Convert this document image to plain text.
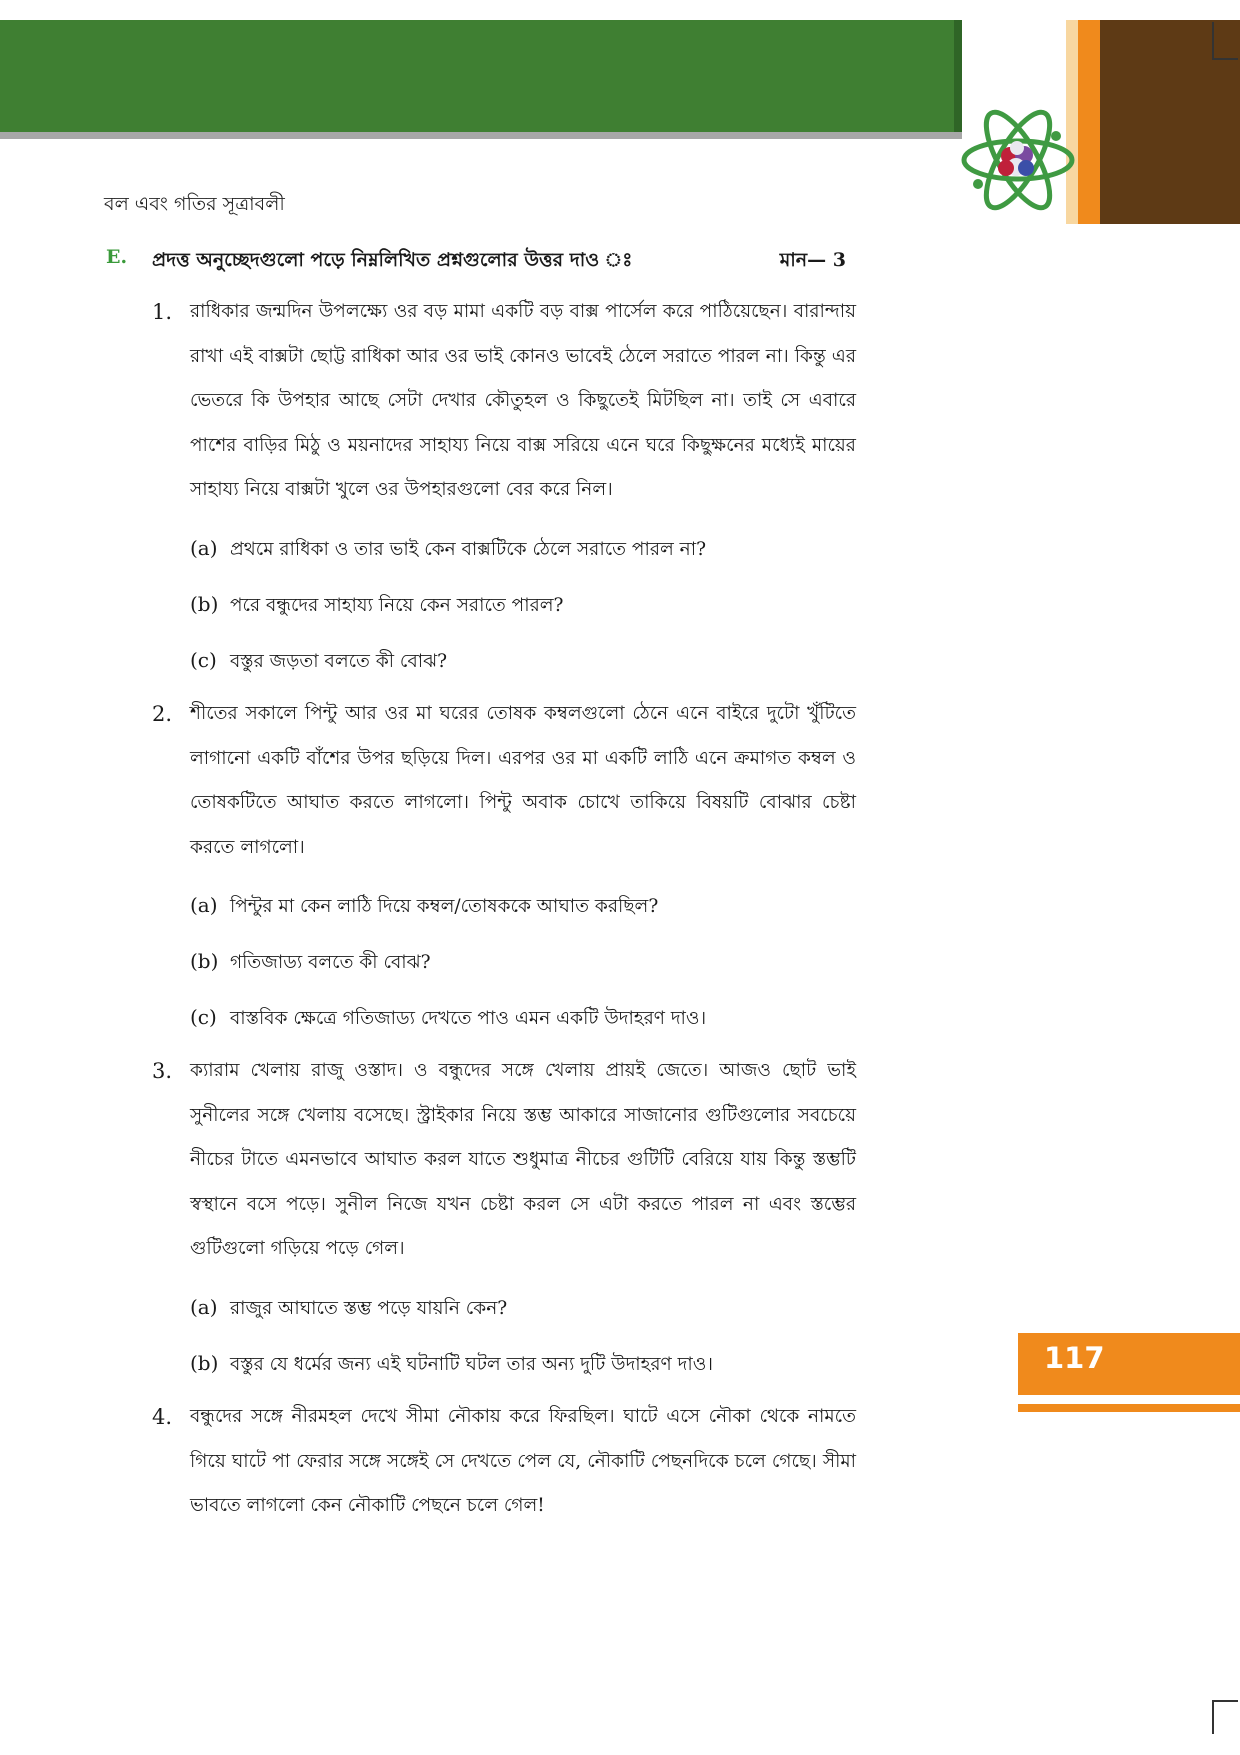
বল এবং গতির সূত্রাবলী
E. প্রদত্ত অনুচ্ছেদগুলো পড়ে নিম্নলিখিত প্রশ্নগুলোর উত্তর দাও ঃ	মান— 3
1. রাধিকার জন্মদিন উপলক্ষ্যে ওর বড় মামা একটি বড় বাক্স পার্সেল করে পাঠিয়েছেন। বারান্দায় রাখা এই বাক্সটা ছোট্ট রাধিকা আর ওর ভাই কোনও ভাবেই ঠেলে সরাতে পারল না। কিন্তু এর ভেতরে কি উপহার আছে সেটা দেখার কৌতুহল ও কিছুতেই মিটছিল না। তাই সে এবারে পাশের বাড়ির মিঠু ও ময়নাদের সাহায্য নিয়ে বাক্স সরিয়ে এনে ঘরে কিছুক্ষনের মধ্যেই মায়ের সাহায্য নিয়ে বাক্সটা খুলে ওর উপহারগুলো বের করে নিল।
(a) প্রথমে রাধিকা ও তার ভাই কেন বাক্সটিকে ঠেলে সরাতে পারল না?
(b) পরে বন্ধুদের সাহায্য নিয়ে কেন সরাতে পারল?
(c) বস্তুর জড়তা বলতে কী বোঝ?
2. শীতের সকালে পিন্টু আর ওর মা ঘরের তোষক কম্বলগুলো ঠেনে এনে বাইরে দুটো খুঁটিতে লাগানো একটি বাঁশের উপর ছড়িয়ে দিল। এরপর ওর মা একটি লাঠি এনে ক্রমাগত কম্বল ও তোষকটিতে আঘাত করতে লাগলো। পিন্টু অবাক চোখে তাকিয়ে বিষয়টি বোঝার চেষ্টা করতে লাগলো।
(a) পিন্টুর মা কেন লাঠি দিয়ে কম্বল/তোষককে আঘাত করছিল?
(b) গতিজাড্য বলতে কী বোঝ?
(c) বাস্তবিক ক্ষেত্রে গতিজাড্য দেখতে পাও এমন একটি উদাহরণ দাও।
3. ক্যারাম খেলায় রাজু ওস্তাদ। ও বন্ধুদের সঙ্গে খেলায় প্রায়ই জেতে। আজও ছোট ভাই সুনীলের সঙ্গে খেলায় বসেছে। স্ট্রাইকার নিয়ে স্তম্ভ আকারে সাজানোর গুটিগুলোর সবচেয়ে নীচের টাতে এমনভাবে আঘাত করল যাতে শুধুমাত্র নীচের গুটিটি বেরিয়ে যায় কিন্তু স্তম্ভটি স্বস্থানে বসে পড়ে। সুনীল নিজে যখন চেষ্টা করল সে এটা করতে পারল না এবং স্তম্ভের গুটিগুলো গড়িয়ে পড়ে গেল।
(a) রাজুর আঘাতে স্তম্ভ পড়ে যায়নি কেন?
(b) বস্তুর যে ধর্মের জন্য এই ঘটনাটি ঘটল তার অন্য দুটি উদাহরণ দাও।
4. বন্ধুদের সঙ্গে নীরমহল দেখে সীমা নৌকায় করে ফিরছিল। ঘাটে এসে নৌকা থেকে নামতে গিয়ে ঘাটে পা ফেরার সঙ্গে সঙ্গেই সে দেখতে পেল যে, নৌকাটি পেছনদিকে চলে গেছে। সীমা ভাবতে লাগলো কেন নৌকাটি পেছনে চলে গেল!
117
